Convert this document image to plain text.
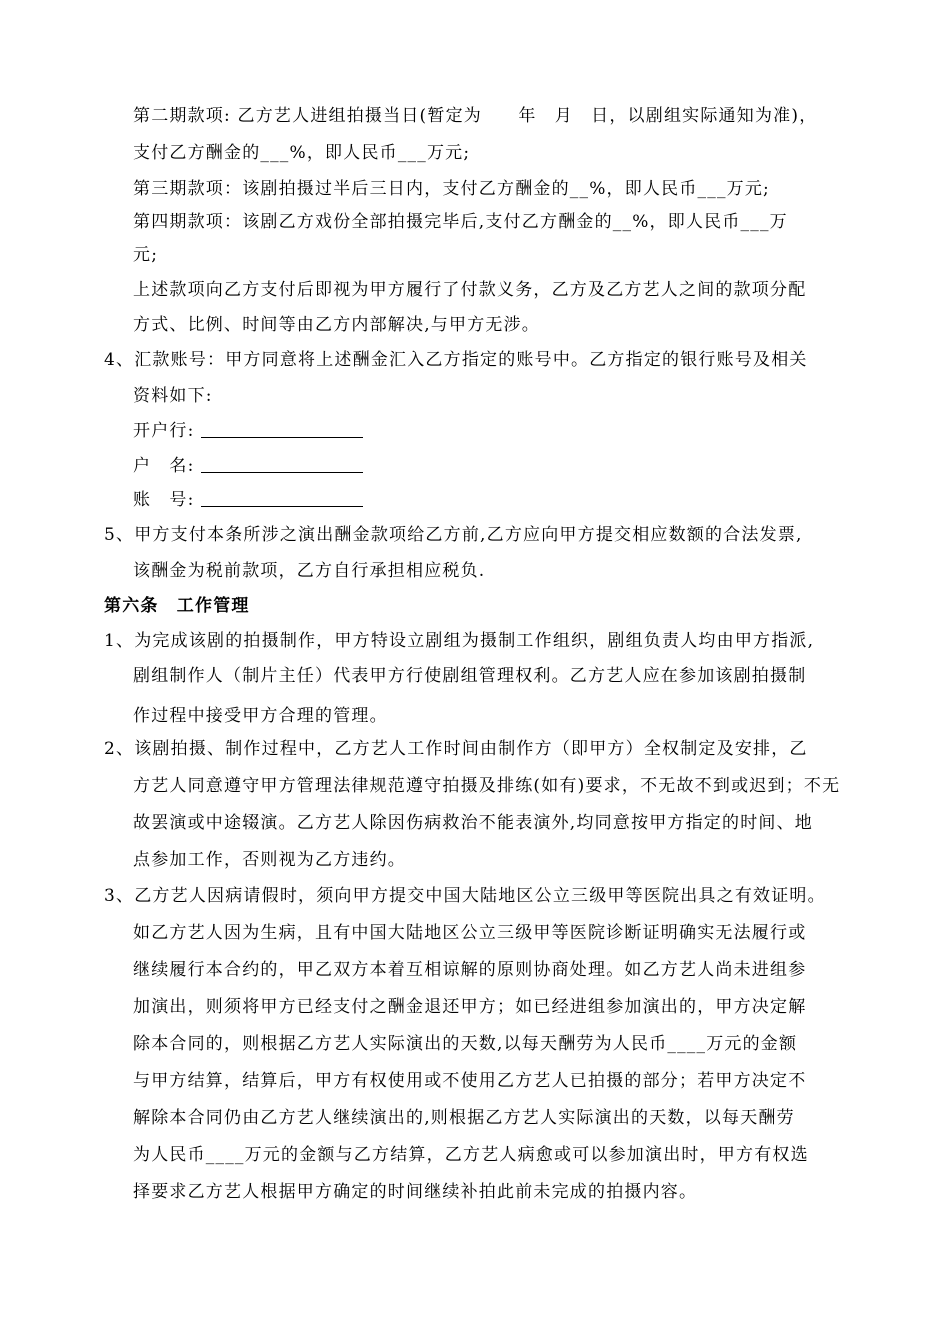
第二期款项: 乙方艺人进组拍摄当日(暂定为　　年　月　日，以剧组实际通知为准)，
支付乙方酬金的___%，即人民币___万元;
第三期款项：该剧拍摄过半后三日内，支付乙方酬金的__%，即人民币___万元;
第四期款项：该剧乙方戏份全部拍摄完毕后,支付乙方酬金的__%，即人民币___万
元;
上述款项向乙方支付后即视为甲方履行了付款义务，乙方及乙方艺人之间的款项分配
方式、比例、时间等由乙方内部解决,与甲方无涉。
4、汇款账号：甲方同意将上述酬金汇入乙方指定的账号中。乙方指定的银行账号及相关
资料如下:
开户行:
户　名:
账　号:
5、甲方支付本条所涉之演出酬金款项给乙方前,乙方应向甲方提交相应数额的合法发票,
该酬金为税前款项，乙方自行承担相应税负.
第六条　工作管理
1、为完成该剧的拍摄制作，甲方特设立剧组为摄制工作组织，剧组负责人均由甲方指派,
剧组制作人（制片主任）代表甲方行使剧组管理权利。乙方艺人应在参加该剧拍摄制
作过程中接受甲方合理的管理。
2、该剧拍摄、制作过程中，乙方艺人工作时间由制作方（即甲方）全权制定及安排，乙
方艺人同意遵守甲方管理法律规范遵守拍摄及排练(如有)要求，不无故不到或迟到；不无
故罢演或中途辍演。乙方艺人除因伤病救治不能表演外,均同意按甲方指定的时间、地
点参加工作，否则视为乙方违约。
3、乙方艺人因病请假时，须向甲方提交中国大陆地区公立三级甲等医院出具之有效证明。
如乙方艺人因为生病，且有中国大陆地区公立三级甲等医院诊断证明确实无法履行或
继续履行本合约的，甲乙双方本着互相谅解的原则协商处理。如乙方艺人尚未进组参
加演出，则须将甲方已经支付之酬金退还甲方；如已经进组参加演出的，甲方决定解
除本合同的，则根据乙方艺人实际演出的天数,以每天酬劳为人民币____万元的金额
与甲方结算，结算后，甲方有权使用或不使用乙方艺人已拍摄的部分；若甲方决定不
解除本合同仍由乙方艺人继续演出的,则根据乙方艺人实际演出的天数，以每天酬劳
为人民币____万元的金额与乙方结算，乙方艺人病愈或可以参加演出时，甲方有权选
择要求乙方艺人根据甲方确定的时间继续补拍此前未完成的拍摄内容。
